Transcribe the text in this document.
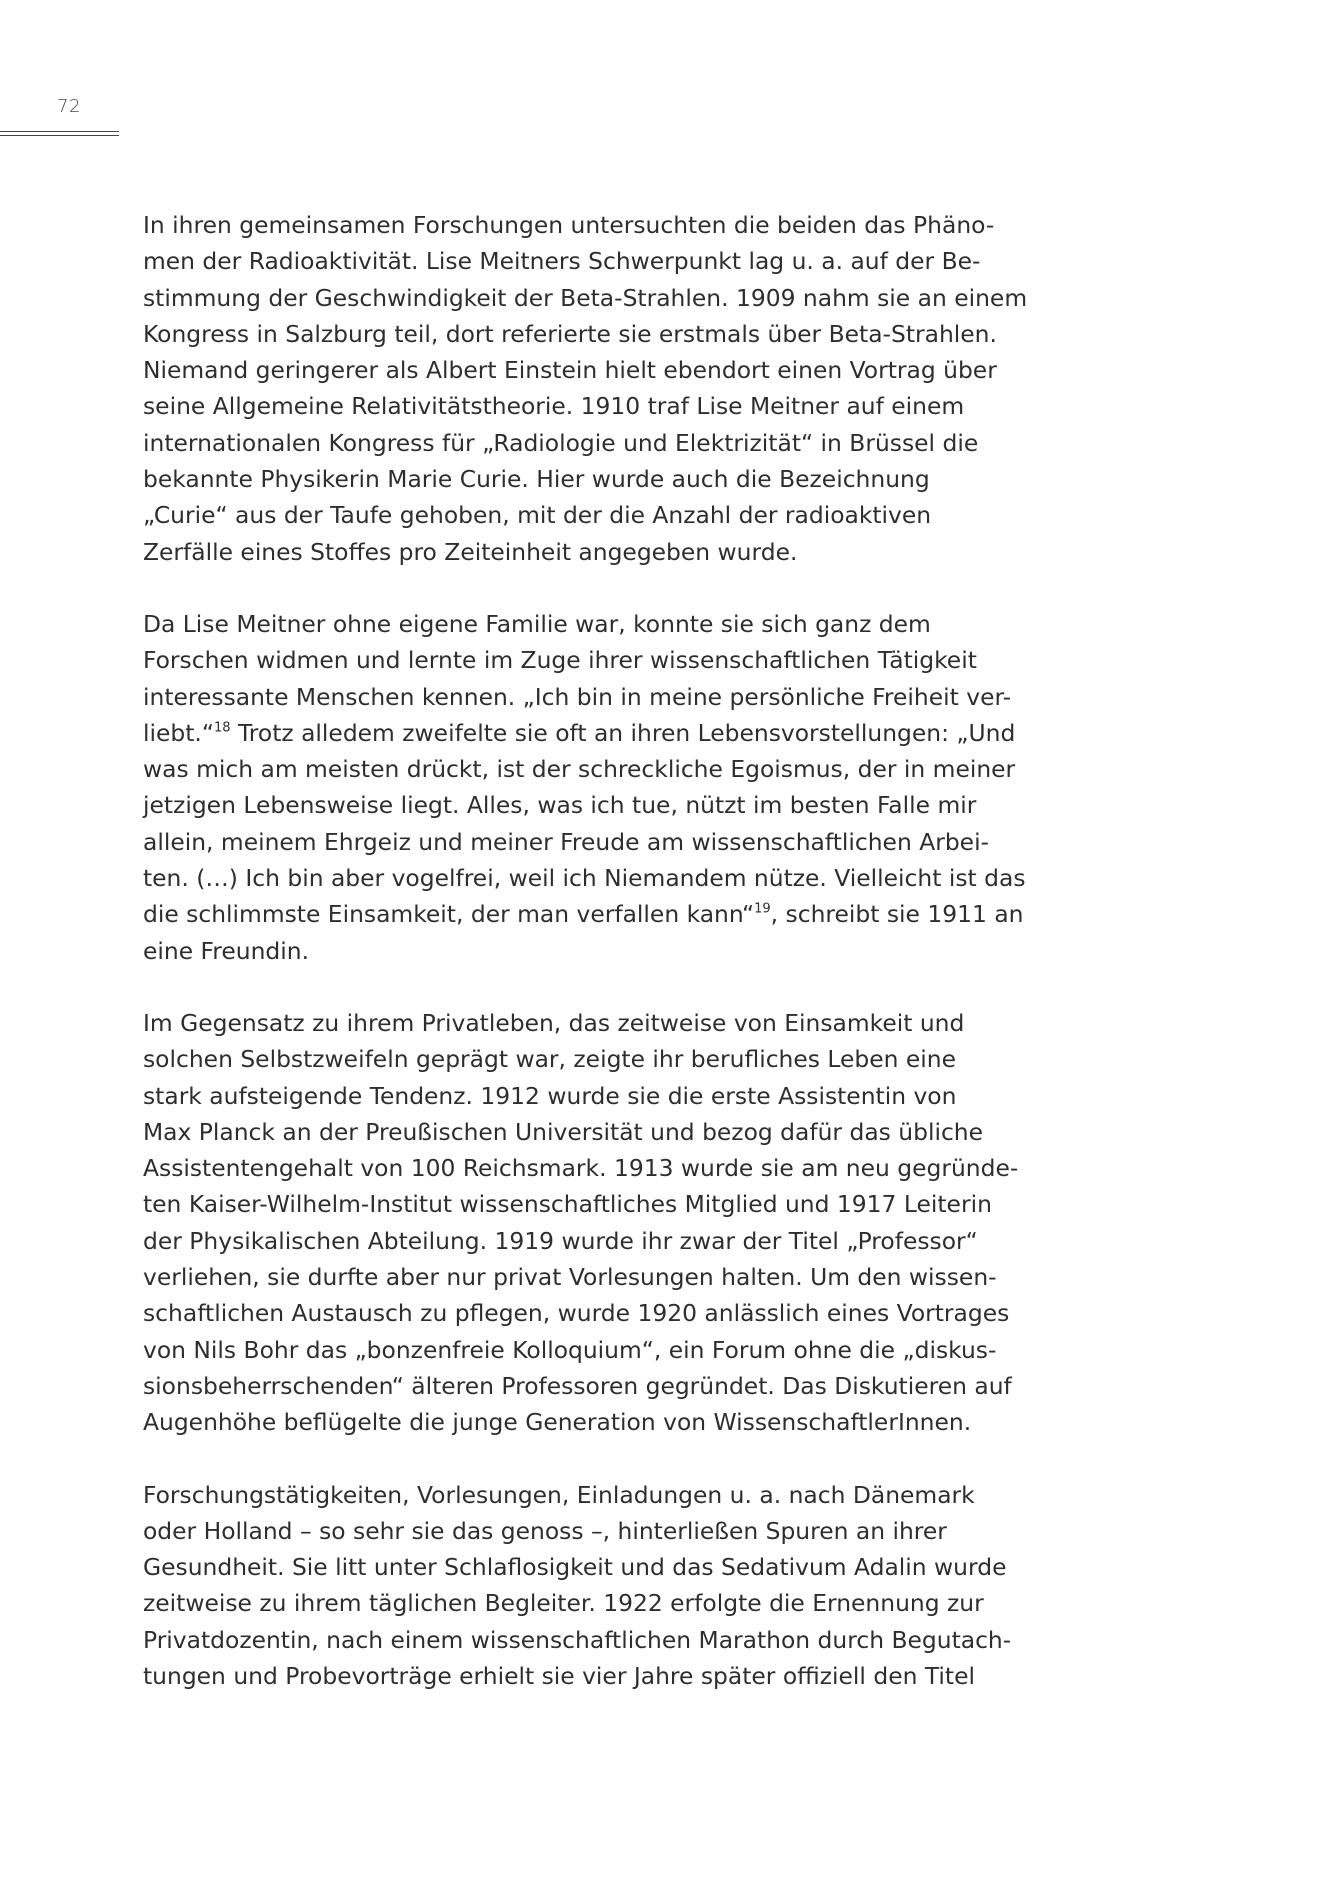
72

In ihren gemeinsamen Forschungen untersuchten die beiden das Phäno-
men der Radioaktivität. Lise Meitners Schwerpunkt lag u. a. auf der Be-
stimmung der Geschwindigkeit der Beta-Strahlen. 1909 nahm sie an einem
Kongress in Salzburg teil, dort referierte sie erstmals über Beta-Strahlen.
Niemand geringerer als Albert Einstein hielt ebendort einen Vortrag über
seine Allgemeine Relativitätstheorie. 1910 traf Lise Meitner auf einem
internationalen Kongress für „Radiologie und Elektrizität“ in Brüssel die
bekannte Physikerin Marie Curie. Hier wurde auch die Bezeichnung
„Curie“ aus der Taufe gehoben, mit der die Anzahl der radioaktiven
Zerfälle eines Stoffes pro Zeiteinheit angegeben wurde.

Da Lise Meitner ohne eigene Familie war, konnte sie sich ganz dem
Forschen widmen und lernte im Zuge ihrer wissenschaftlichen Tätigkeit
interessante Menschen kennen. „Ich bin in meine persönliche Freiheit ver-
liebt.“$^{18}$ Trotz alledem zweifelte sie oft an ihren Lebensvorstellungen: „Und
was mich am meisten drückt, ist der schreckliche Egoismus, der in meiner
jetzigen Lebensweise liegt. Alles, was ich tue, nützt im besten Falle mir
allein, meinem Ehrgeiz und meiner Freude am wissenschaftlichen Arbei-
ten. (…) Ich bin aber vogelfrei, weil ich Niemandem nütze. Vielleicht ist das
die schlimmste Einsamkeit, der man verfallen kann“$^{19}$, schreibt sie 1911 an
eine Freundin.

Im Gegensatz zu ihrem Privatleben, das zeitweise von Einsamkeit und
solchen Selbstzweifeln geprägt war, zeigte ihr berufliches Leben eine
stark aufsteigende Tendenz. 1912 wurde sie die erste Assistentin von
Max Planck an der Preußischen Universität und bezog dafür das übliche
Assistentengehalt von 100 Reichsmark. 1913 wurde sie am neu gegründe-
ten Kaiser-Wilhelm-Institut wissenschaftliches Mitglied und 1917 Leiterin
der Physikalischen Abteilung. 1919 wurde ihr zwar der Titel „Professor“
verliehen, sie durfte aber nur privat Vorlesungen halten. Um den wissen-
schaftlichen Austausch zu pflegen, wurde 1920 anlässlich eines Vortrages
von Nils Bohr das „bonzenfreie Kolloquium“, ein Forum ohne die „diskus-
sionsbeherrschenden“ älteren Professoren gegründet. Das Diskutieren auf
Augenhöhe beflügelte die junge Generation von WissenschaftlerInnen.

Forschungstätigkeiten, Vorlesungen, Einladungen u. a. nach Dänemark
oder Holland – so sehr sie das genoss –, hinterließen Spuren an ihrer
Gesundheit. Sie litt unter Schlaflosigkeit und das Sedativum Adalin wurde
zeitweise zu ihrem täglichen Begleiter. 1922 erfolgte die Ernennung zur
Privatdozentin, nach einem wissenschaftlichen Marathon durch Begutach-
tungen und Probevorträge erhielt sie vier Jahre später offiziell den Titel
